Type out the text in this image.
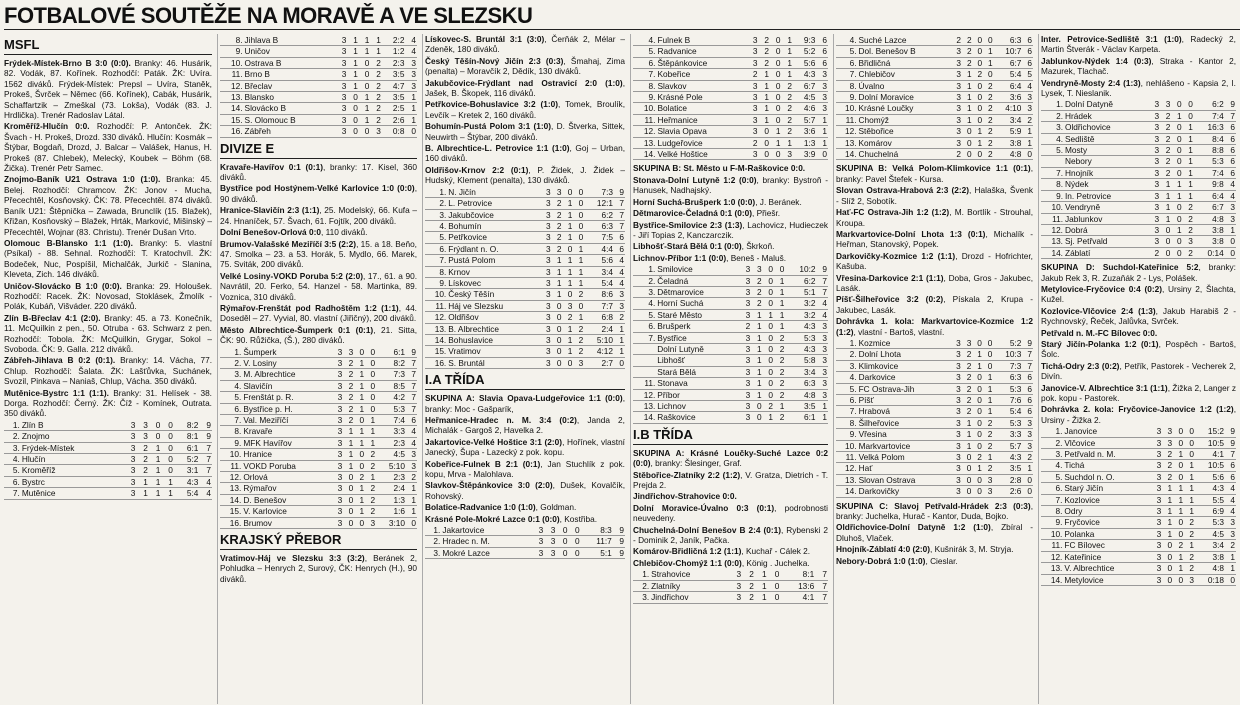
FOTBALOVÉ SOUTĚŽE NA MORAVĚ A VE SLEZSKU
MSFL

Frýdek-Místek-Brno B 3:0 (0:0). Branky: 46. Husárik, 82. Vodák, 87. Kořínek. Rozhodčí: Paták. ŽK: Uvíra. 1562 diváků. Frýdek-Místek: Prepsl – Uvíra, Staněk, Prokeš, Švrček – Němec (66. Kořínek), Cabák, Husárik, Schaffartzik – Zmeškal (73. Lokša), Vodák (83. J. Hrdlička). Trenér Radoslav Látal.

Kroměříž-Hlučín 0:0. Rozhodčí: P. Antonček. ŽK: Švach - H. Prokeš, Drozd. 330 diváků. Hlučín: Kosmák – Štýbar, Bogdaň, Drozd, J. Balcar – Valášek, Hanus, H. Prokeš (87. Chlebek), Melecký, Koubek – Böhm (68. Žička). Trenér Petr Samec.

Znojmo-Baník U21 Ostrava 1:0 (1:0). Branka: 45. Belej. Rozhodčí: Chramcov. ŽK: Jonov - Mucha, Přecechtěl, Kosňovský. ČK: 78. Přecechtěl. 874 diváků. Baník U21: Štěpnička – Zawada, Brunclík (15. Blažek), Křižan, Kosňovský – Blažek, Hrták, Marković, Mišinský – Přecechtěl, Wojnar (83. Christu). Trenér Dušan Vrto.

Olomouc B-Blansko 1:1 (1:0). Branky: 5. vlastní (Psíkal) - 88. Sehnal. Rozhodčí: T. Kratochvíl. ŽK: Bodeček, Nuc, Pospíšil, Michalčák, Jurkič - Slanina, Kleveta, Zich. 146 diváků.

Uničov-Slovácko B 1:0 (0:0). Branka: 29. Holoušek. Rozhodčí: Racek. ŽK: Novosad, Stoklásek, Žmolík - Polák, Kubáň, Višváder. 220 diváků.

Zlín B-Břeclav 4:1 (2:0). Branky: 45. a 73. Konečník, 11. McQuilkin z pen., 50. Otruba - 63. Schwarz z pen. Rozhodčí: Tobola. ŽK: McQuilkin, Grygar, Sokol – Svoboda. ČK: 9. Galla. 212 diváků.

Zábřeh-Jihlava B 0:2 (0:1). Branky: 14. Vácha, 77. Chlup. Rozhodčí: Šalata. ŽK: Lašťůvka, Suchánek, Svozil, Pinkava – Naniaš, Chlup, Vácha. 350 diváků.

Mutěnice-Bystrc 1:1 (1:1). Branky: 31. Helísek - 38. Dorga. Rozhodčí: Černý. ŽK: Číž - Komínek, Outrata. 350 diváků.

1.	Zlín B	3	3	0	0	8:2	9
2.	Znojmo	3	3	0	0	8:1	9
3.	Frýdek-Místek	3	2	1	0	6:1	7
4.	Hlučín	3	2	1	0	5:2	7
5.	Kroměříž	3	2	1	0	3:1	7
6.	Bystrc	3	1	1	1	4:3	4
7.	Mutěnice	3	1	1	1	5:4	4
8.	Jihlava B	3	1	1	1	2:2	4
9.	Uničov	3	1	1	1	1:2	4
10.	Ostrava B	3	1	0	2	2:3	3
11.	Brno B	3	1	0	2	3:5	3
12.	Břeclav	3	1	0	2	4:7	3
13.	Blansko	3	0	1	2	3:5	1
14.	Slovácko B	3	0	1	2	2:5	1
15.	S. Olomouc B	3	0	1	2	2:6	1
16.	Zábřeh	3	0	0	3	0:8	0
DIVIZE E

Kravaře-Havířov 0:1 (0:1), branky: 17. Kisel, 360 diváků.

Bystřice pod Hostýnem-Velké Karlovice 1:0 (0:0), 90 diváků.

Hranice-Slavičín 2:3 (1:1), 25. Modelský, 66. Kufa – 24. Hnaníček, 57. Švach, 61. Fojtík, 200 diváků.

Dolní Benešov-Orlová 0:0, 110 diváků.

Brumov-Valašské Meziříčí 3:5 (2:2), 15. a 18. Beňo, 47. Smolka – 23. a 53. Horák, 5. Mydlo, 66. Marek, 75. Sviták, 200 diváků.

Velké Losiny-VOKD Poruba 5:2 (2:0), 17., 61. a 90. Navrátil, 20. Ferko, 54. Hanzel - 58. Martinka, 89. Voznica, 310 diváků.

Rýmařov-Frenštát pod Radhoštěm 1:2 (1:1), 44. Doseděl – 27. Vyvial, 80. vlastní (Jiřičný), 200 diváků.

Město Albrechtice-Šumperk 0:1 (0:1), 21. Sitta, ČK: 90. Růžička, (Š.), 280 diváků.

1.	Šumperk	3	3	0	0	6:1	9
2.	V. Losiny	3	2	1	0	8:2	7
3.	M. Albrechtice	3	2	1	0	7:3	7
4.	Slavičín	3	2	1	0	8:5	7
5.	Frenštát p. R.	3	2	1	0	4:2	7
6.	Bystřice p. H.	3	2	1	0	5:3	7
7.	Val. Meziříčí	3	2	0	1	7:4	6
8.	Kravaře	3	1	1	1	3:3	4
9.	MFK Havířov	3	1	1	1	2:3	4
10.	Hranice	3	1	0	2	4:5	3
11.	VOKD Poruba	3	1	0	2	5:10	3
12.	Orlová	3	0	2	1	2:3	2
13.	Rýmařov	3	0	1	2	2:4	1
14.	D. Benešov	3	0	1	2	1:3	1
15.	V. Karlovice	3	0	1	2	1:6	1
16.	Brumov	3	0	0	3	3:10	0
KRAJSKÝ PŘEBOR

Vratimov-Háj ve Slezsku 3:3 (3:2), Beránek 2, Pohludka – Henrych 2, Surový, ČK: Henrych (H.), 90 diváků.

Lískovec-S. Bruntál 3:1 (3:0), Čerňák 2, Mélar – Zdeněk, 180 diváků.

Český Těšín-Nový Jičín 2:3 (0:3), Šmahaj, Zima (penalta) – Moravčík 2, Dědík, 130 diváků.

Jakubčovice-Frýdlant nad Ostravicí 2:0 (1:0), Jašek, B. Škopek, 116 diváků.

Petřkovice-Bohuslavice 3:2 (1:0), Tomek, Broulík, Levčík – Kretek 2, 160 diváků.

Bohumín-Pustá Polom 3:1 (1:0), D. Štverka, Sittek, Neuwirth – Štýbar, 200 diváků.

B. Albrechtice-L. Petrovice 1:1 (1:0), Goj – Urban, 160 diváků.

Oldřišov-Krnov 2:2 (0:1), P. Židek, J. Židek – Hudský, Klement (penalta), 130 diváků.

1.	N. Jičín	3	3	0	0	7:3	9
2.	L. Petrovice	3	2	1	0	12:1	7
3.	Jakubčovice	3	2	1	0	6:2	7
4.	Bohumín	3	2	1	0	6:3	7
5.	Petřkovice	3	2	1	0	7:5	6
6.	Frýdlant n. O.	3	2	0	1	4:4	6
7.	Pustá Polom	3	1	1	1	5:6	4
8.	Krnov	3	1	1	1	3:4	4
9.	Lískovec	3	1	1	1	5:4	4
10.	Český Těšín	3	1	0	2	8:6	3
11.	Háj ve Slezsku	3	0	3	0	7:7	3
12.	Oldřišov	3	0	2	1	6:8	2
13.	B. Albrechtice	3	0	1	2	2:4	1
14.	Bohuslavice	3	0	1	2	5:10	1
15.	Vratimov	3	0	1	2	4:12	1
16.	S. Bruntál	3	0	0	3	2:7	0
I.A TŘÍDA

SKUPINA A: Slavia Opava-Ludgeřovice 1:1 (0:0), branky: Moc - Gašparík,

Heřmanice-Hradec n. M. 3:4 (0:2), Janda 2, Michalák - Gargoš 2, Havelka 2.

Jakartovice-Velké Hoštice 3:1 (2:0), Hořínek, vlastní Janecký, Šupa - Lazecký z pok. kopu.

Kobeřice-Fulnek B 2:1 (0:1), Jan Stuchlík z pok. kopu, Mrva - Malohlava.

Slavkov-Štěpánkovice 3:0 (2:0), Dušek, Kovalčík, Rohovský.

Bolatice-Radvanice 1:0 (1:0), Goldman.

Krásné Pole-Mokré Lazce 0:1 (0:0), Kostřiba.

1.	Jakartovice	3	3	0	0	8:3	9
2.	Hradec n. M.	3	3	0	0	11:7	9
3.	Mokré Lazce	3	3	0	0	5:1	9
4.	Fulnek B	3	2	0	1	9:3	6
5.	Radvanice	3	2	0	1	5:2	6
6.	Štěpánkovice	3	2	0	1	5:6	6
7.	Kobeřice	2	1	0	1	4:3	3
8.	Slavkov	3	1	0	2	6:7	3
9.	Krásné Pole	3	1	0	2	4:5	3
10.	Bolatice	3	1	0	2	4:6	3
11.	Heřmanice	3	1	0	2	5:7	1
12.	Slavia Opava	3	0	1	2	3:6	1
13.	Ludgeřovice	2	0	1	1	1:3	1
14.	Velké Hoštice	3	0	0	3	3:9	0

SKUPINA B: St. Město u F-M-Raškovice 0:0.

Stonava-Dolní Lutyně 1:2 (0:0), branky: Bystroň - Hanusek, Nadhajský.

Horní Suchá-Brušperk 1:0 (0:0), J. Beránek.

Dětmarovice-Čeladná 0:1 (0:0), Přiešr.

Bystřice-Smilovice 2:3 (1:3), Lachovicz, Hudieczek - Jiří Topias 2, Kanczarczik.

Libhošť-Stará Bělá 0:1 (0:0), Škrkoň.

Lichnov-Příbor 1:1 (0:0), Beneš - Maluš.

1.	Smilovice	3	3	0	0	10:2	9
2.	Čeladná	3	2	0	1	6:2	7
3.	Dětmarovice	3	2	0	1	5:1	7
4.	Horní Suchá	3	2	0	1	3:2	4
5.	Staré Město	3	1	1	1	3:2	4
6.	Brušperk	2	1	0	1	4:3	3
7.	Bystřice	3	1	0	2	5:3	3
	Dolní Lutyně	3	1	0	2	4:3	3
	Libhošť	3	1	0	2	5:8	3
	Stará Bělá	3	1	0	2	3:4	3
11.	Stonava	3	1	0	2	6:3	3
12.	Příbor	3	1	0	2	4:8	3
13.	Lichnov	3	0	2	1	3:5	1
14.	Raškovice	3	0	1	2	6:1	1
I.B TŘÍDA

SKUPINA A: Krásné Loučky-Suché Lazce 0:2 (0:0), branky: Šlesinger, Graf.

Stěbořice-Zlatníky 2:2 (1:2), V. Gratza, Dietrich - T. Prejda 2.

Jindřichov-Strahovice 0:0.

Dolní Moravice-Úvalno 0:3 (0:1), podrobnosti neuvedeny.

Chuchelná-Dolní Benešov B 2:4 (0:1), Rybenski 2 - Dominik 2, Janík, Pačka.

Komárov-Břidličná 1:2 (1:1), Kuchař - Cálek 2.

Chlebičov-Chomýž 1:1 (0:0), König . Juchelka.

1.	Strahovice	3	2	1	0	8:1	7
2.	Zlatníky	3	2	1	0	13:6	7
3.	Jindřichov	3	2	1	0	4:1	7
4.	Suché Lazce	2	2	0	0	6:3	6
5.	Dol. Benešov B	3	2	0	1	10:7	6
6.	Břidličná	3	2	0	1	6:7	6
7.	Chlebičov	3	1	2	0	5:4	5
8.	Úvalno	3	1	0	2	6:4	4
9.	Dolní Moravice	3	1	0	2	3:6	3
10.	Krásné Loučky	3	1	0	2	4:10	3
11.	Chomýž	3	1	0	2	3:4	2
12.	Stěbořice	3	0	1	2	5:9	1
13.	Komárov	3	0	1	2	3:8	1
14.	Chuchelná	2	0	0	2	4:8	0

SKUPINA B: Velká Polom-Klimkovice 1:1 (0:1), branky: Pavel Štefek - Kursa.

Slovan Ostrava-Hrabová 2:3 (2:2), Halaška, Švenk - Slíž 2, Sobotík.

Hať-FC Ostrava-Jih 1:2 (1:2), M. Bortlík - Strouhal, Kroupa.

Markvartovice-Dolní Lhota 1:3 (0:1), Michalík - Heřman, Stanovský, Popek.

Darkovičky-Kozmice 1:2 (1:1), Drozd - Hofrichter, Kašuba.

Vřesina-Darkovice 2:1 (1:1), Doba, Gros - Jakubec, Lasák.

Píšť-Šilheřovice 3:2 (0:2), Pískala 2, Krupa - Jakubec, Lasák.

Dohrávka 1. kola: Markvartovice-Kozmice 1:2 (1:2), vlastní - Bartoš, vlastní.

1.	Kozmice	3	3	0	0	5:2	9
2.	Dolní Lhota	3	2	1	0	10:3	7
3.	Klimkovice	3	2	1	0	7:3	7
4.	Darkovice	3	2	0	1	6:3	6
5.	FC Ostrava-Jih	3	2	0	1	5:3	6
6.	Píšť	3	2	0	1	7:6	6
7.	Hrabová	3	2	0	1	5:4	6
8.	Šilheřovice	3	1	0	2	5:3	3
9.	Vřesina	3	1	0	2	3:3	3
10.	Markvartovice	3	1	0	2	5:7	3
11.	Velká Polom	3	0	2	1	4:3	2
12.	Hať	3	0	1	2	3:5	1
13.	Slovan Ostrava	3	0	0	3	2:8	0
14.	Darkovičky	3	0	0	3	2:6	0

SKUPINA C: Slavoj Petřvald-Hrádek 2:3 (0:3), branky: Juchelka, Hurač - Kantor, Duda, Bojko.

Oldřichovice-Dolní Datyně 1:2 (1:0), Zbíral - Dluhoš, Vlaček.

Hnojník-Záblatí 4:0 (2:0), Kušnirák 3, M. Stryja.

Nebory-Dobrá 1:0 (1:0), Cieslar.

Inter. Petrovice-Sedliště 3:1 (1:0), Radecký 2, Martin Štverák - Václav Karpeta.

Jablunkov-Nýdek 1:4 (0:3), Straka - Kantor 2, Mazurek, Tlachač.

Vendryně-Mosty 2:4 (1:3), nehlášeno - Kapsia 2, I. Lysek, T. Nieslanik.

1.	Dolní Datyně	3	3	0	0	6:2	9
2.	Hrádek	3	2	1	0	7:4	7
3.	Oldřichovice	3	2	0	1	16:3	6
4.	Sedliště	3	2	0	1	8:4	6
5.	Mosty	3	2	0	1	8:8	6
	Nebory	3	2	0	1	5:3	6
7.	Hnojník	3	2	0	1	7:4	6
8.	Nýdek	3	1	1	1	9:8	4
9.	In. Petrovice	3	1	1	1	6:4	4
10.	Vendryně	3	1	0	2	6:7	3
11.	Jablunkov	3	1	0	2	4:8	3
12.	Dobrá	3	0	1	2	3:8	1
13.	Sj. Petřvald	3	0	0	3	3:8	0
14.	Záblatí	2	0	0	2	0:14	0

SKUPINA D: Suchdol-Kateřinice 5:2, branky: Jakub Rek 3, R. Zuzaňák 2 - Lys, Polášek.

Metylovice-Fryčovice 0:4 (0:2), Ursiny 2, Šlachta, Kužel.

Kozlovice-Vlčovice 2:4 (1:3), Jakub Harabiš 2 - Rychnovský, Řeček, Jalůvka, Svrček.

Petřvald n. M.-FC Bílovec 0:0.

Starý Jičín-Polanka 1:2 (0:1), Pospěch - Bartoš, Šolc.

Tichá-Odry 2:3 (0:2), Petřík, Pastorek - Vecherek 2, Divín.

Janovice-V. Albrechtice 3:1 (1:1), Žižka 2, Langer z pok. kopu - Pastorek.

Dohrávka 2. kola: Fryčovice-Janovice 1:2 (1:2), Ursiny - Žižka 2.

1.	Janovice	3	3	0	0	15:2	9
2.	Vlčovice	3	3	0	0	10:5	9
3.	Petřvald n. M.	3	2	1	0	4:1	7
4.	Tichá	3	2	0	1	10:5	6
5.	Suchdol n. O.	3	2	0	1	5:6	6
6.	Starý Jičín	3	1	1	1	4:3	4
7.	Kozlovice	3	1	1	1	5:5	4
8.	Odry	3	1	1	1	6:9	4
9.	Fryčovice	3	1	0	2	5:3	3
10.	Polanka	3	1	0	2	4:5	3
11.	FC Bílovec	3	0	2	1	3:4	2
12.	Kateřinice	3	0	1	2	3:8	1
13.	V. Albrechtice	3	0	1	2	4:8	1
14.	Metylovice	3	0	0	3	0:18	0
